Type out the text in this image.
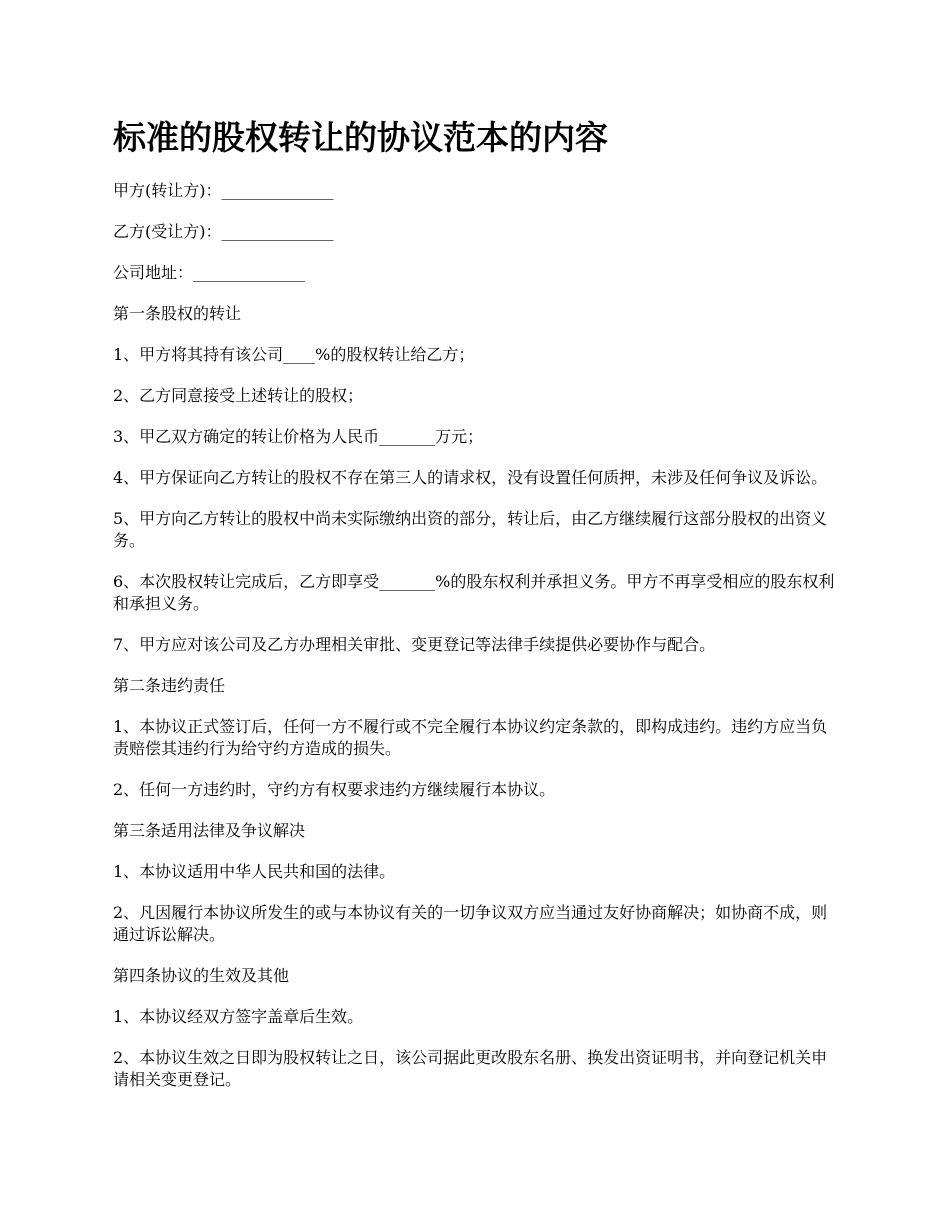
标准的股权转让的协议范本的内容

甲方(转让方)：______________

乙方(受让方)：______________

公司地址：______________

第一条股权的转让

1、甲方将其持有该公司____%的股权转让给乙方；

2、乙方同意接受上述转让的股权；

3、甲乙双方确定的转让价格为人民币_______万元；

4、甲方保证向乙方转让的股权不存在第三人的请求权，没有设置任何质押，未涉及任何争议及诉讼。

5、甲方向乙方转让的股权中尚未实际缴纳出资的部分，转让后，由乙方继续履行这部分股权的出资义务。

6、本次股权转让完成后，乙方即享受_______%的股东权利并承担义务。甲方不再享受相应的股东权利和承担义务。

7、甲方应对该公司及乙方办理相关审批、变更登记等法律手续提供必要协作与配合。

第二条违约责任

1、本协议正式签订后，任何一方不履行或不完全履行本协议约定条款的，即构成违约。违约方应当负责赔偿其违约行为给守约方造成的损失。

2、任何一方违约时，守约方有权要求违约方继续履行本协议。

第三条适用法律及争议解决

1、本协议适用中华人民共和国的法律。

2、凡因履行本协议所发生的或与本协议有关的一切争议双方应当通过友好协商解决；如协商不成，则通过诉讼解决。

第四条协议的生效及其他

1、本协议经双方签字盖章后生效。

2、本协议生效之日即为股权转让之日，该公司据此更改股东名册、换发出资证明书，并向登记机关申请相关变更登记。
